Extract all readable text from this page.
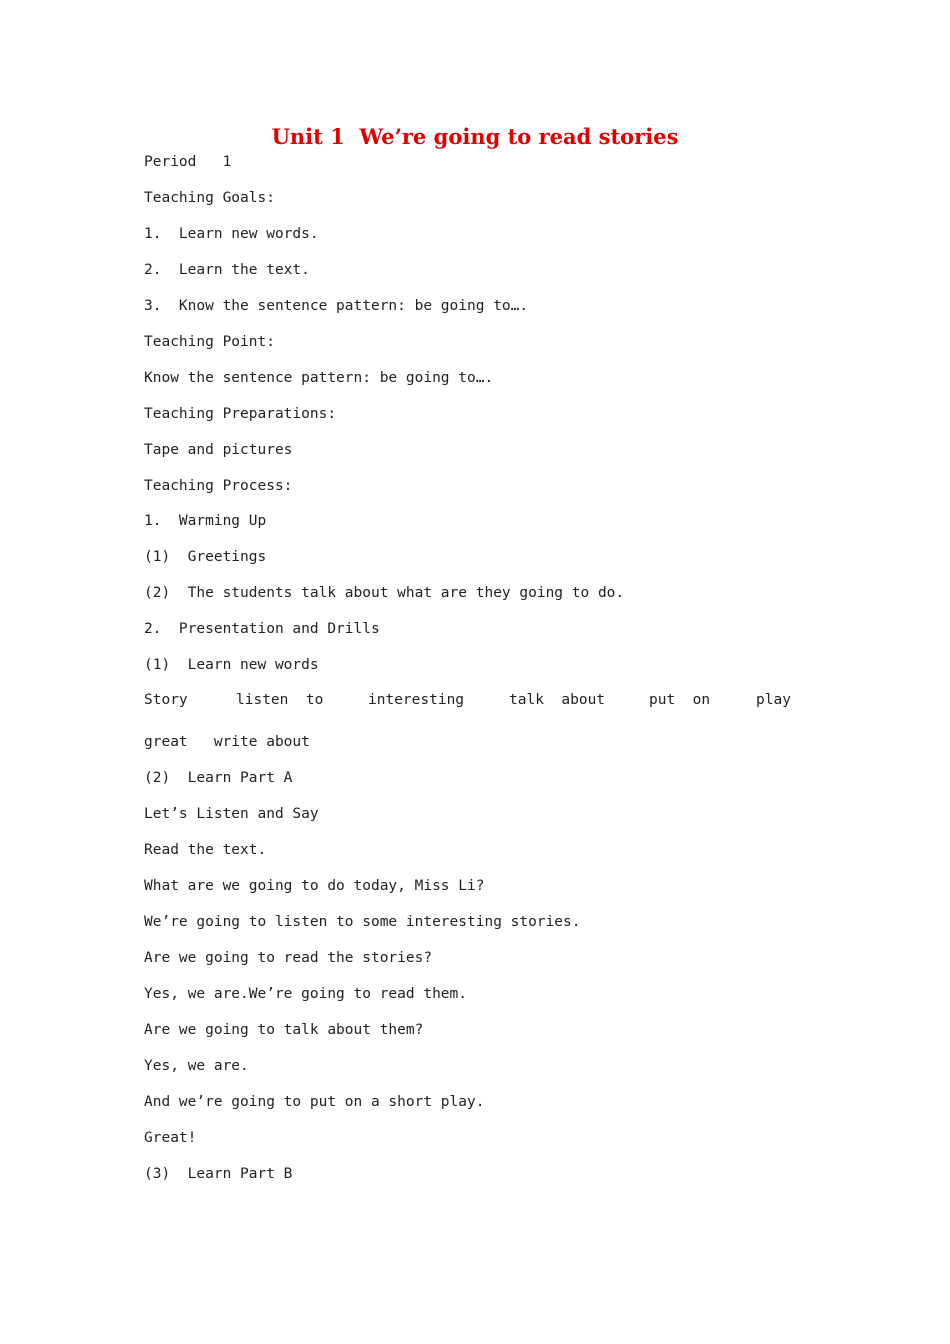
Unit 1  We’re going to read stories
Period   1
Teaching Goals:
1.  Learn new words.
2.  Learn the text.
3.  Know the sentence pattern: be going to….
Teaching Point:
Know the sentence pattern: be going to….
Teaching Preparations:
Tape and pictures
Teaching Process:
1.  Warming Up
(1)  Greetings
(2)  The students talk about what are they going to do.
2.  Presentation and Drills
(1)  Learn new words
Story	listen  to	interesting	talk  about	put  on	play
great   write about
(2)  Learn Part A
Let’s Listen and Say
Read the text.
What are we going to do today, Miss Li?
We’re going to listen to some interesting stories.
Are we going to read the stories?
Yes, we are.We’re going to read them.
Are we going to talk about them?
Yes, we are.
And we’re going to put on a short play.
Great!
(3)  Learn Part B
